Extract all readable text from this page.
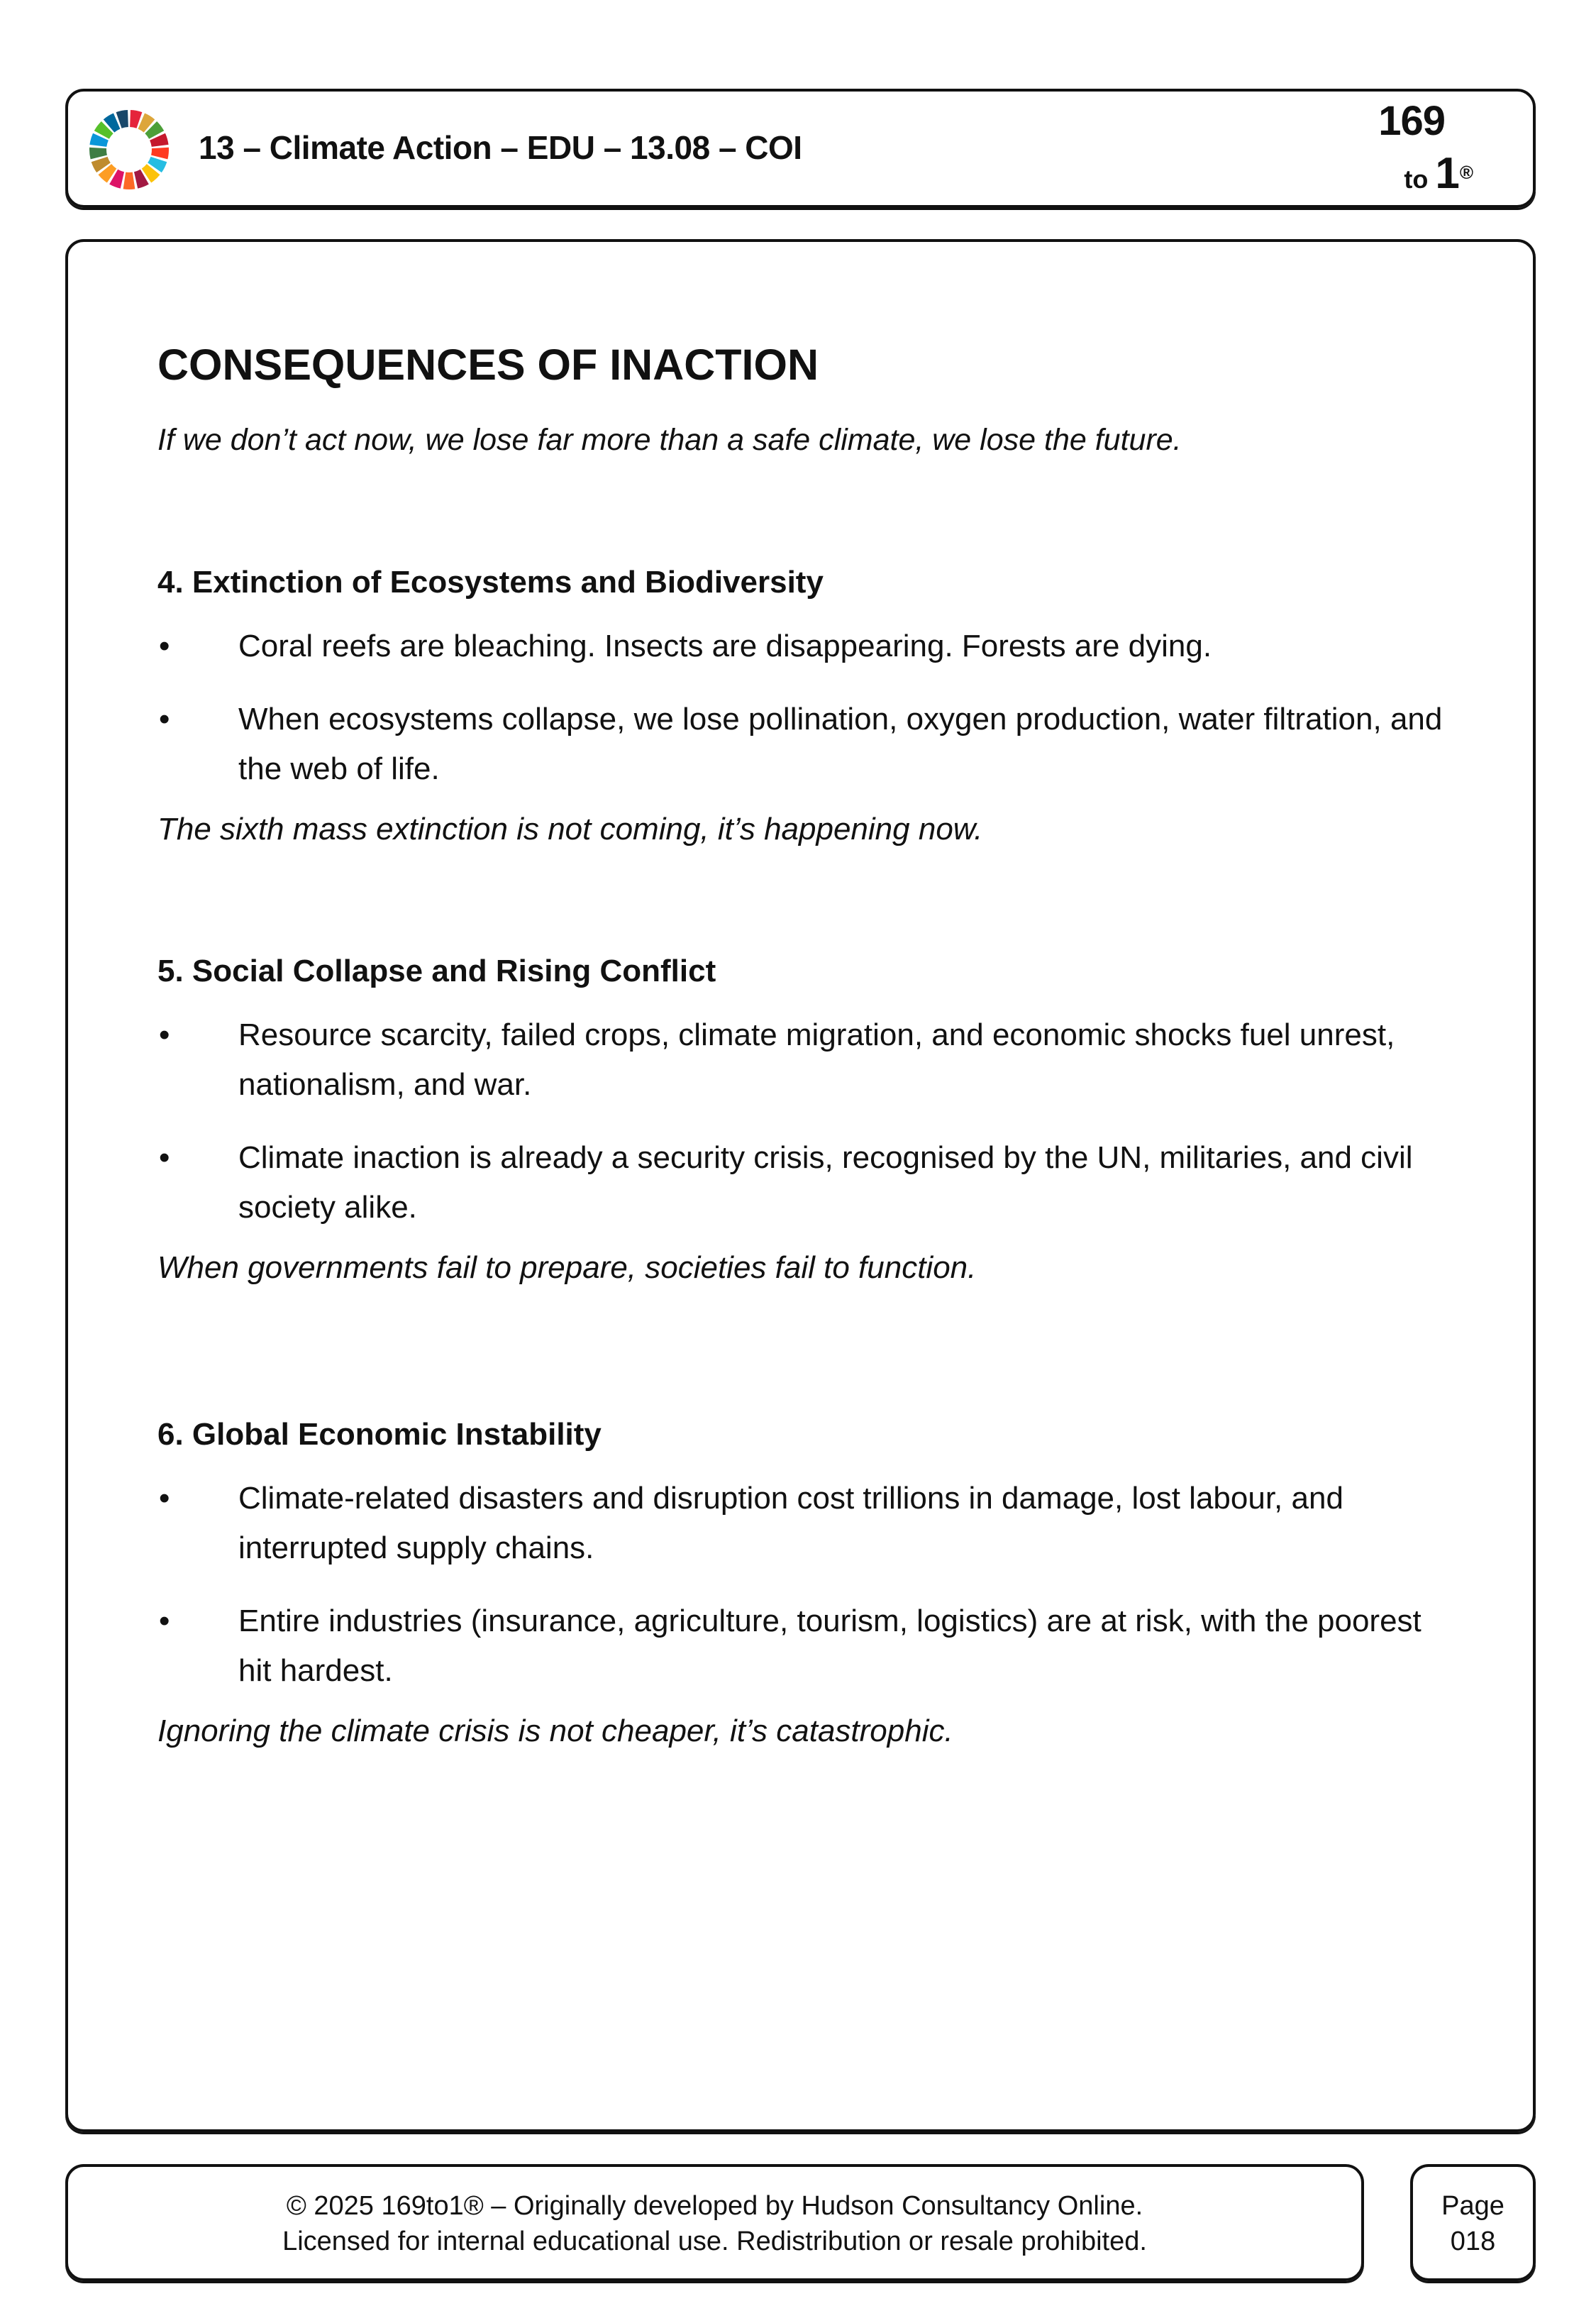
13 – Climate Action – EDU – 13.08 – COI
169
to 1®
CONSEQUENCES OF INACTION
If we don’t act now, we lose far more than a safe climate, we lose the future.
4. Extinction of Ecosystems and Biodiversity
• Coral reefs are bleaching. Insects are disappearing. Forests are dying.
• When ecosystems collapse, we lose pollination, oxygen production, water filtration, and the web of life.
The sixth mass extinction is not coming, it’s happening now.
5. Social Collapse and Rising Conflict
• Resource scarcity, failed crops, climate migration, and economic shocks fuel unrest, nationalism, and war.
• Climate inaction is already a security crisis, recognised by the UN, militaries, and civil society alike.
When governments fail to prepare, societies fail to function.
6. Global Economic Instability
• Climate-related disasters and disruption cost trillions in damage, lost labour, and interrupted supply chains.
• Entire industries (insurance, agriculture, tourism, logistics) are at risk, with the poorest hit hardest.
Ignoring the climate crisis is not cheaper, it’s catastrophic.
© 2025 169to1® – Originally developed by Hudson Consultancy Online.
Licensed for internal educational use. Redistribution or resale prohibited.
Page
018
